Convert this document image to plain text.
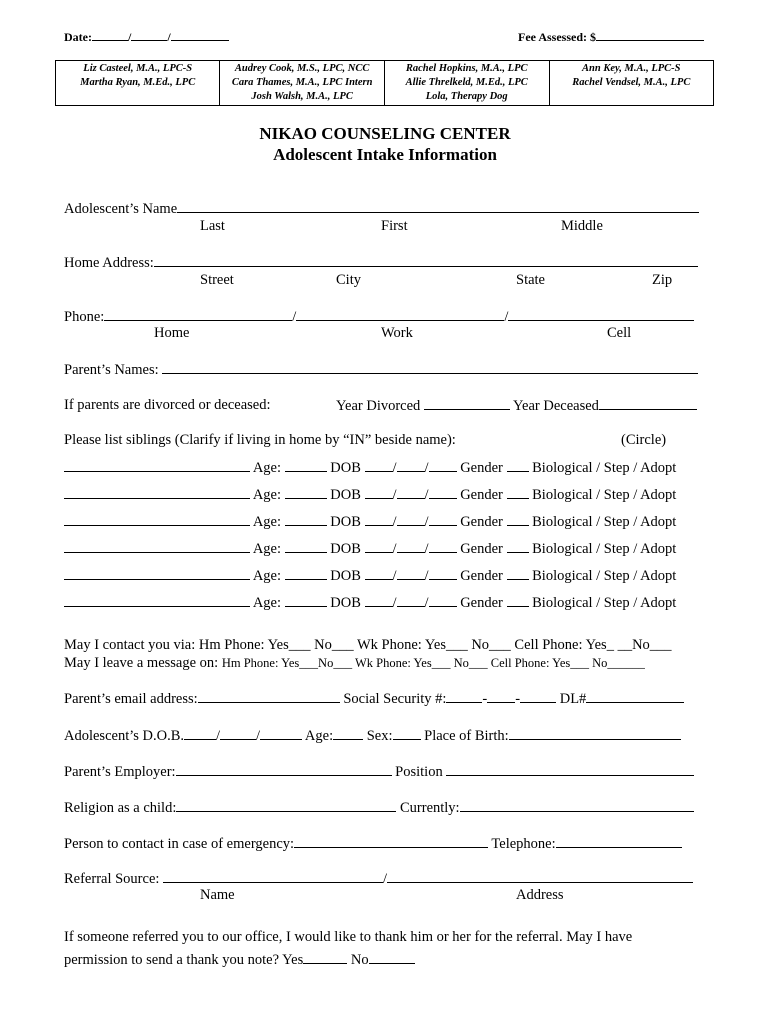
Date:	/	/	Fee Assessed: $
Liz Casteel, M.A., LPC-S
Martha Ryan, M.Ed., LPC

Audrey Cook, M.S., LPC, NCC
Cara Thames, M.A., LPC Intern
Josh Walsh, M.A., LPC

Rachel Hopkins, M.A., LPC
Allie Threlkeld, M.Ed., LPC
Lola, Therapy Dog

Ann Key, M.A., LPC-S
Rachel Vendsel, M.A., LPC
NIKAO COUNSELING CENTER
Adolescent Intake Information
Adolescent’s Name
Last	First	Middle
Home Address:
Street	City	State	Zip
Phone:	/	/
Home	Work	Cell
Parent’s Names:
If parents are divorced or deceased:	Year Divorced	Year Deceased
Please list siblings (Clarify if living in home by “IN” beside name):	(Circle)
Age:	DOB / / Gender Biological / Step / Adopt
Age:	DOB / / Gender Biological / Step / Adopt
Age:	DOB / / Gender Biological / Step / Adopt
Age:	DOB / / Gender Biological / Step / Adopt
Age:	DOB / / Gender Biological / Step / Adopt
Age:	DOB / / Gender Biological / Step / Adopt
May I contact you via: Hm Phone: Yes___ No___ Wk Phone: Yes___ No___ Cell Phone: Yes_ __No___
May I leave a message on: Hm Phone: Yes___No___ Wk Phone: Yes___ No___ Cell Phone: Yes___ No______
Parent’s email address:	Social Security #: - -	DL#
Adolescent’s D.O.B. / /	Age: Sex: Place of Birth:
Parent’s Employer:	Position
Religion as a child:	Currently:
Person to contact in case of emergency:	Telephone:
Referral Source:	/
Name	Address
If someone referred you to our office, I would like to thank him or her for the referral. May I have
permission to send a thank you note? Yes	No
